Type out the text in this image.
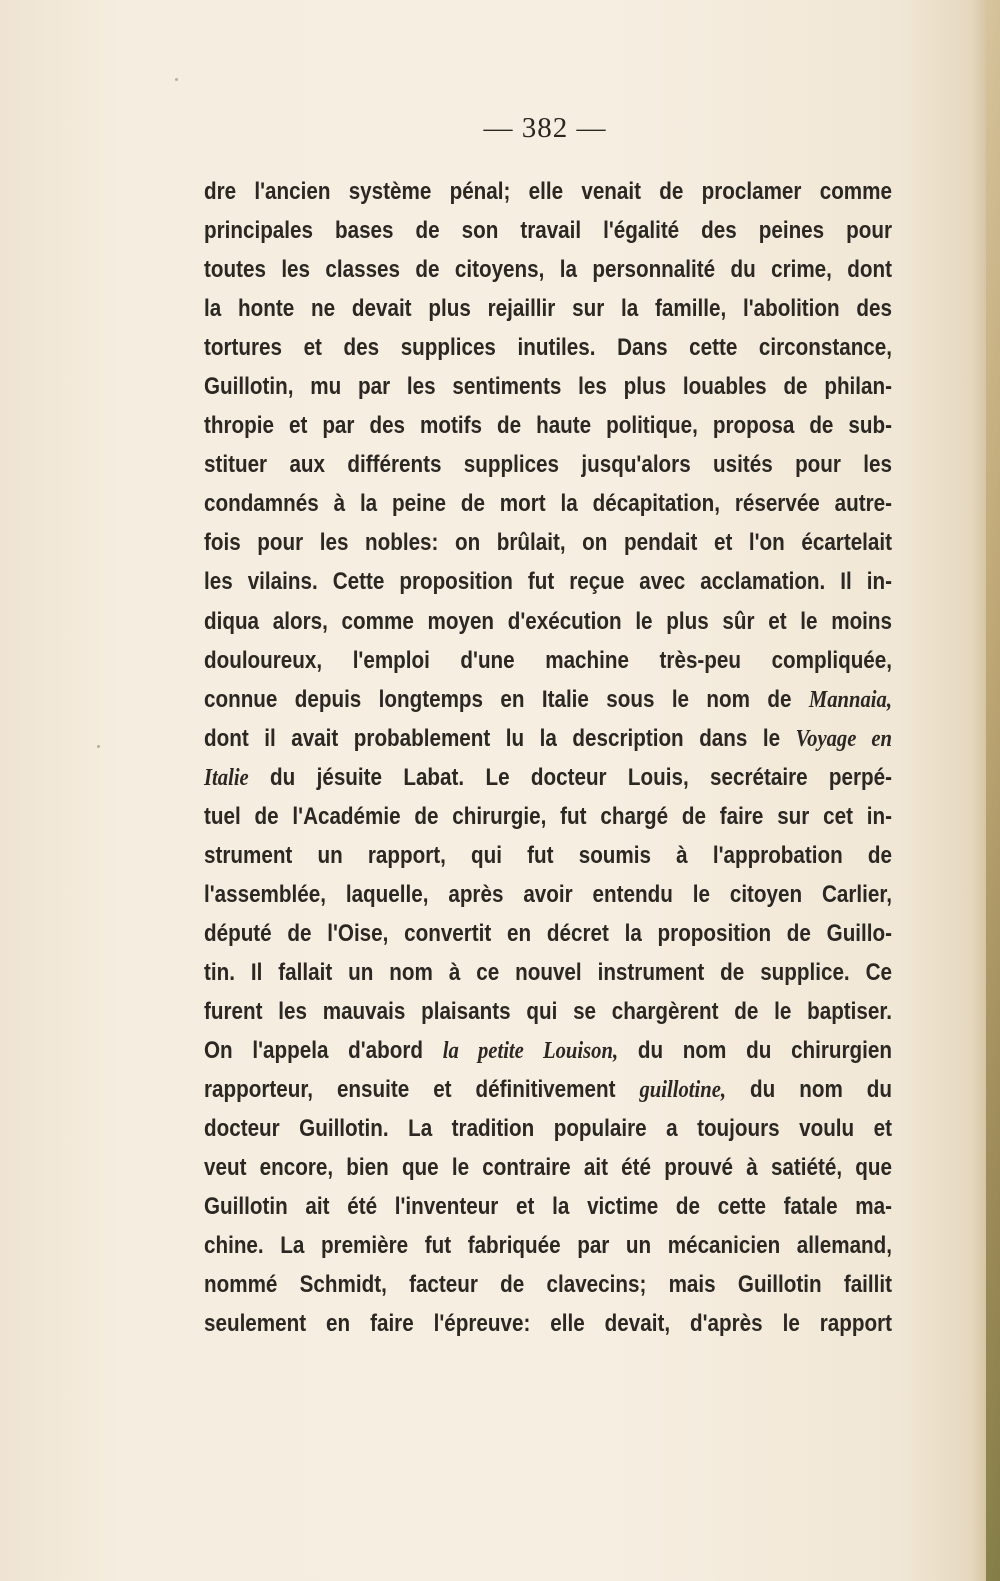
— 382 —
dre l'ancien système pénal; elle venait de proclamer comme
principales bases de son travail l'égalité des peines pour
toutes les classes de citoyens, la personnalité du crime, dont
la honte ne devait plus rejaillir sur la famille, l'abolition des
tortures et des supplices inutiles. Dans cette circonstance,
Guillotin, mu par les sentiments les plus louables de philan-
thropie et par des motifs de haute politique, proposa de sub-
stituer aux différents supplices jusqu'alors usités pour les
condamnés à la peine de mort la décapitation, réservée autre-
fois pour les nobles: on brûlait, on pendait et l'on écartelait
les vilains. Cette proposition fut reçue avec acclamation. Il in-
diqua alors, comme moyen d'exécution le plus sûr et le moins
douloureux, l'emploi d'une machine très-peu compliquée,
connue depuis longtemps en Italie sous le nom de Mannaia,
dont il avait probablement lu la description dans le Voyage en
Italie du jésuite Labat. Le docteur Louis, secrétaire perpé-
tuel de l'Académie de chirurgie, fut chargé de faire sur cet in-
strument un rapport, qui fut soumis à l'approbation de
l'assemblée, laquelle, après avoir entendu le citoyen Carlier,
député de l'Oise, convertit en décret la proposition de Guillo-
tin. Il fallait un nom à ce nouvel instrument de supplice. Ce
furent les mauvais plaisants qui se chargèrent de le baptiser.
On l'appela d'abord la petite Louison, du nom du chirurgien
rapporteur, ensuite et définitivement guillotine, du nom du
docteur Guillotin. La tradition populaire a toujours voulu et
veut encore, bien que le contraire ait été prouvé à satiété, que
Guillotin ait été l'inventeur et la victime de cette fatale ma-
chine. La première fut fabriquée par un mécanicien allemand,
nommé Schmidt, facteur de clavecins; mais Guillotin faillit
seulement en faire l'épreuve: elle devait, d'après le rapport
